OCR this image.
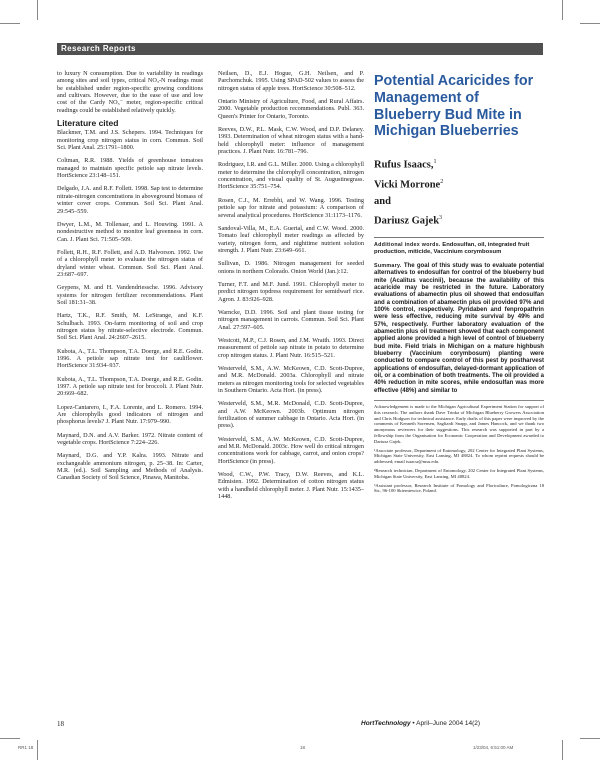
Research Reports

to luxury N consumption. Due to variability in readings among sites and soil types, critical NO₃-N readings must be established under region-specific growing conditions and cultivars. However, due to the ease of use and low cost of the Cardy NO₃⁻ meter, region-specific critical readings could be established relatively quickly.

Literature cited

Blackmer, T.M. and J.S. Schepers. 1994. Techniques for monitoring crop nitrogen status in corn. Commun. Soil Sci. Plant Anal. 25:1791–1800.

Coltman, R.R. 1988. Yields of greenhouse tomatoes managed to maintain specific petiole sap nitrate levels. HortScience 23:148–151.

Delgado, J.A. and R.F. Follett. 1998. Sap test to determine nitrate-nitrogen concentrations in aboveground biomass of winter cover crops. Commun. Soil Sci. Plant Anal. 29:545–559.

Dwyer, L.M., M. Tollenaar, and L. Houwing. 1991. A nondestructive method to monitor leaf greenness in corn. Can. J. Plant Sci. 71:505–509.

Follett, R.H., R.F. Follett, and A.D. Halvorson. 1992. Use of a chlorophyll meter to evaluate the nitrogen status of dryland winter wheat. Commun. Soil Sci. Plant Anal. 23:687–697.

Geypens, M. and H. Vandendriessche. 1996. Advisory systems for nitrogen fertilizer recommendations. Plant Soil 181:31–38.

Hartz, T.K., R.F. Smith, M. LeStrange, and K.F. Schulbach. 1993. On-farm monitoring of soil and crop nitrogen status by nitrate-selective electrode. Commun. Soil Sci. Plant Anal. 24:2607–2615.

Kubota, A., T.L. Thompson, T.A. Doerge, and R.E. Godin. 1996. A petiole sap nitrate test for cauliflower. HortScience 31:934–937.

Kubota, A., T.L. Thompson, T.A. Doerge, and R.E. Godin. 1997. A petiole sap nitrate test for broccoli. J. Plant Nutr. 20:669–682.

Lopez-Cantarero, I., F.A. Lorente, and L. Romero. 1994. Are chlorophylls good indicators of nitrogen and phosphorus levels? J. Plant Nutr. 17:979–990.

Maynard, D.N. and A.V. Barker. 1972. Nitrate content of vegetable crops. HortScience 7:224–226.

Maynard, D.G. and Y.P. Kalra. 1993. Nitrate and exchangeable ammonium nitrogen, p. 25–38. In: Carter, M.R. (ed.). Soil Sampling and Methods of Analysis. Canadian Society of Soil Science, Pinawa, Manitoba.

Neilsen, D., E.J. Hogue, G.H. Neilsen, and P. Parchomchuk. 1995. Using SPAD-502 values to assess the nitrogen status of apple trees. HortScience 30:508–512.

Ontario Ministry of Agriculture, Food, and Rural Affairs. 2000. Vegetable production recommendations. Publ. 363. Queen's Printer for Ontario, Toronto.

Reeves, D.W., P.L. Mask, C.W. Wood, and D.P. Delaney. 1993. Determination of wheat nitrogen status with a hand-held chlorophyll meter: influence of management practices. J. Plant Nutr. 16:781–796.

Rodriguez, I.R. and G.L. Miller. 2000. Using a chlorophyll meter to determine the chlorophyll concentration, nitrogen concentration, and visual quality of St. Augustinegrass. HortScience 35:751–754.

Rosen, C.J., M. Errebhi, and W. Wang. 1996. Testing petiole sap for nitrate and potassium: A comparison of several analytical procedures. HortScience 31:1173–1176.

Sandoval-Villa, M., E.A. Guertal, and C.W. Wood. 2000. Tomato leaf chlorophyll meter readings as affected by variety, nitrogen form, and nighttime nutrient solution strength. J. Plant Nutr. 23:649–661.

Sullivan, D. 1986. Nitrogen management for seeded onions in northern Colorado. Onion World (Jan.):12.

Turner, F.T. and M.F. Jund. 1991. Chlorophyll meter to predict nitrogen topdress requirement for semidwarf rice. Agron. J. 83:926–928.

Warncke, D.D. 1996. Soil and plant tissue testing for nitrogen management in carrots. Commun. Soil Sci. Plant Anal. 27:597–605.

Westcott, M.P., C.J. Rosen, and J.M. Wraith. 1993. Direct measurement of petiole sap nitrate in potato to determine crop nitrogen status. J. Plant Nutr. 16:515–521.

Westerveld, S.M., A.W. McKeown, C.D. Scott-Dupree, and M.R. McDonald. 2003a. Chlorophyll and nitrate meters as nitrogen monitoring tools for selected vegetables in Southern Ontario. Acta Hort. (in press).

Westerveld, S.M., M.R. McDonald, C.D. Scott-Dupree, and A.W. McKeown. 2003b. Optimum nitrogen fertilization of summer cabbage in Ontario. Acta Hort. (in press).

Westerveld, S.M., A.W. McKeown, C.D. Scott-Dupree, and M.R. McDonald. 2003c. How well do critical nitrogen concentrations work for cabbage, carrot, and onion crops? HortScience (in press).

Wood, C.W., P.W. Tracy, D.W. Reeves, and K.L. Edmisten. 1992. Determination of cotton nitrogen status with a handheld chlorophyll meter. J. Plant Nutr. 15:1435–1448.

Potential Acaricides for Management of Blueberry Bud Mite in Michigan Blueberries
Rufus Isaacs,$^1$
Vicki Morrone$^2$
and
Dariusz Gajek$^3$
Additional index words. Endosulfan, oil, integrated fruit production, miticide, Vaccinium corymbosum
Summary. The goal of this study was to evaluate potential alternatives to endosulfan for control of the blueberry bud mite (Acalitus vaccinii), because the availability of this acaricide may be restricted in the future. Laboratory evaluations of abamectin plus oil showed that endosulfan and a combination of abamectin plus oil provided 97% and 100% control, respectively. Pyridaben and fenpropathrin were less effective, reducing mite survival by 49% and 57%, respectively. Further laboratory evaluation of the abamectin plus oil treatment showed that each component applied alone provided a high level of control of blueberry bud mite. Field trials in Michigan on a mature highbush blueberry (Vaccinium corymbosum) planting were conducted to compare control of this pest by postharvest applications of endosulfan, delayed-dormant application of oil, or a combination of both treatments. The oil provided a 40% reduction in mite scores, while endosulfan was more effective (48%) and similar to

Acknowledgement is made to the Michigan Agricultural Experiment Station for support of this research. The authors thank Dave Trinka of Michigan Blueberry Growers Association and Chris Hodgson for technical assistance. Early drafts of this paper were improved by the comments of Kenneth Sorensen, Sagliardi Snapp, and James Hancock, and we thank two anonymous reviewers for their suggestions. This research was supported in part by a fellowship from the Organisation for Economic Cooperation and Development awarded to Dariusz Gajek.

¹Associate professor, Department of Entomology, 202 Center for Integrated Plant Systems, Michigan State University, East Lansing, MI 48824. To whom reprint requests should be addressed; email isaacsr@msu.edu.

²Research technician, Department of Entomology, 202 Center for Integrated Plant Systems, Michigan State University, East Lansing, MI 48824.

³Assistant professor, Research Institute of Pomology and Floriculture, Pomologiczna 18 Str., 96-100 Skierniewice, Poland.

18	HortTechnology • April–June 2004 14(2)
RR1 18	18	1/23/04, 6:51:00 AM
